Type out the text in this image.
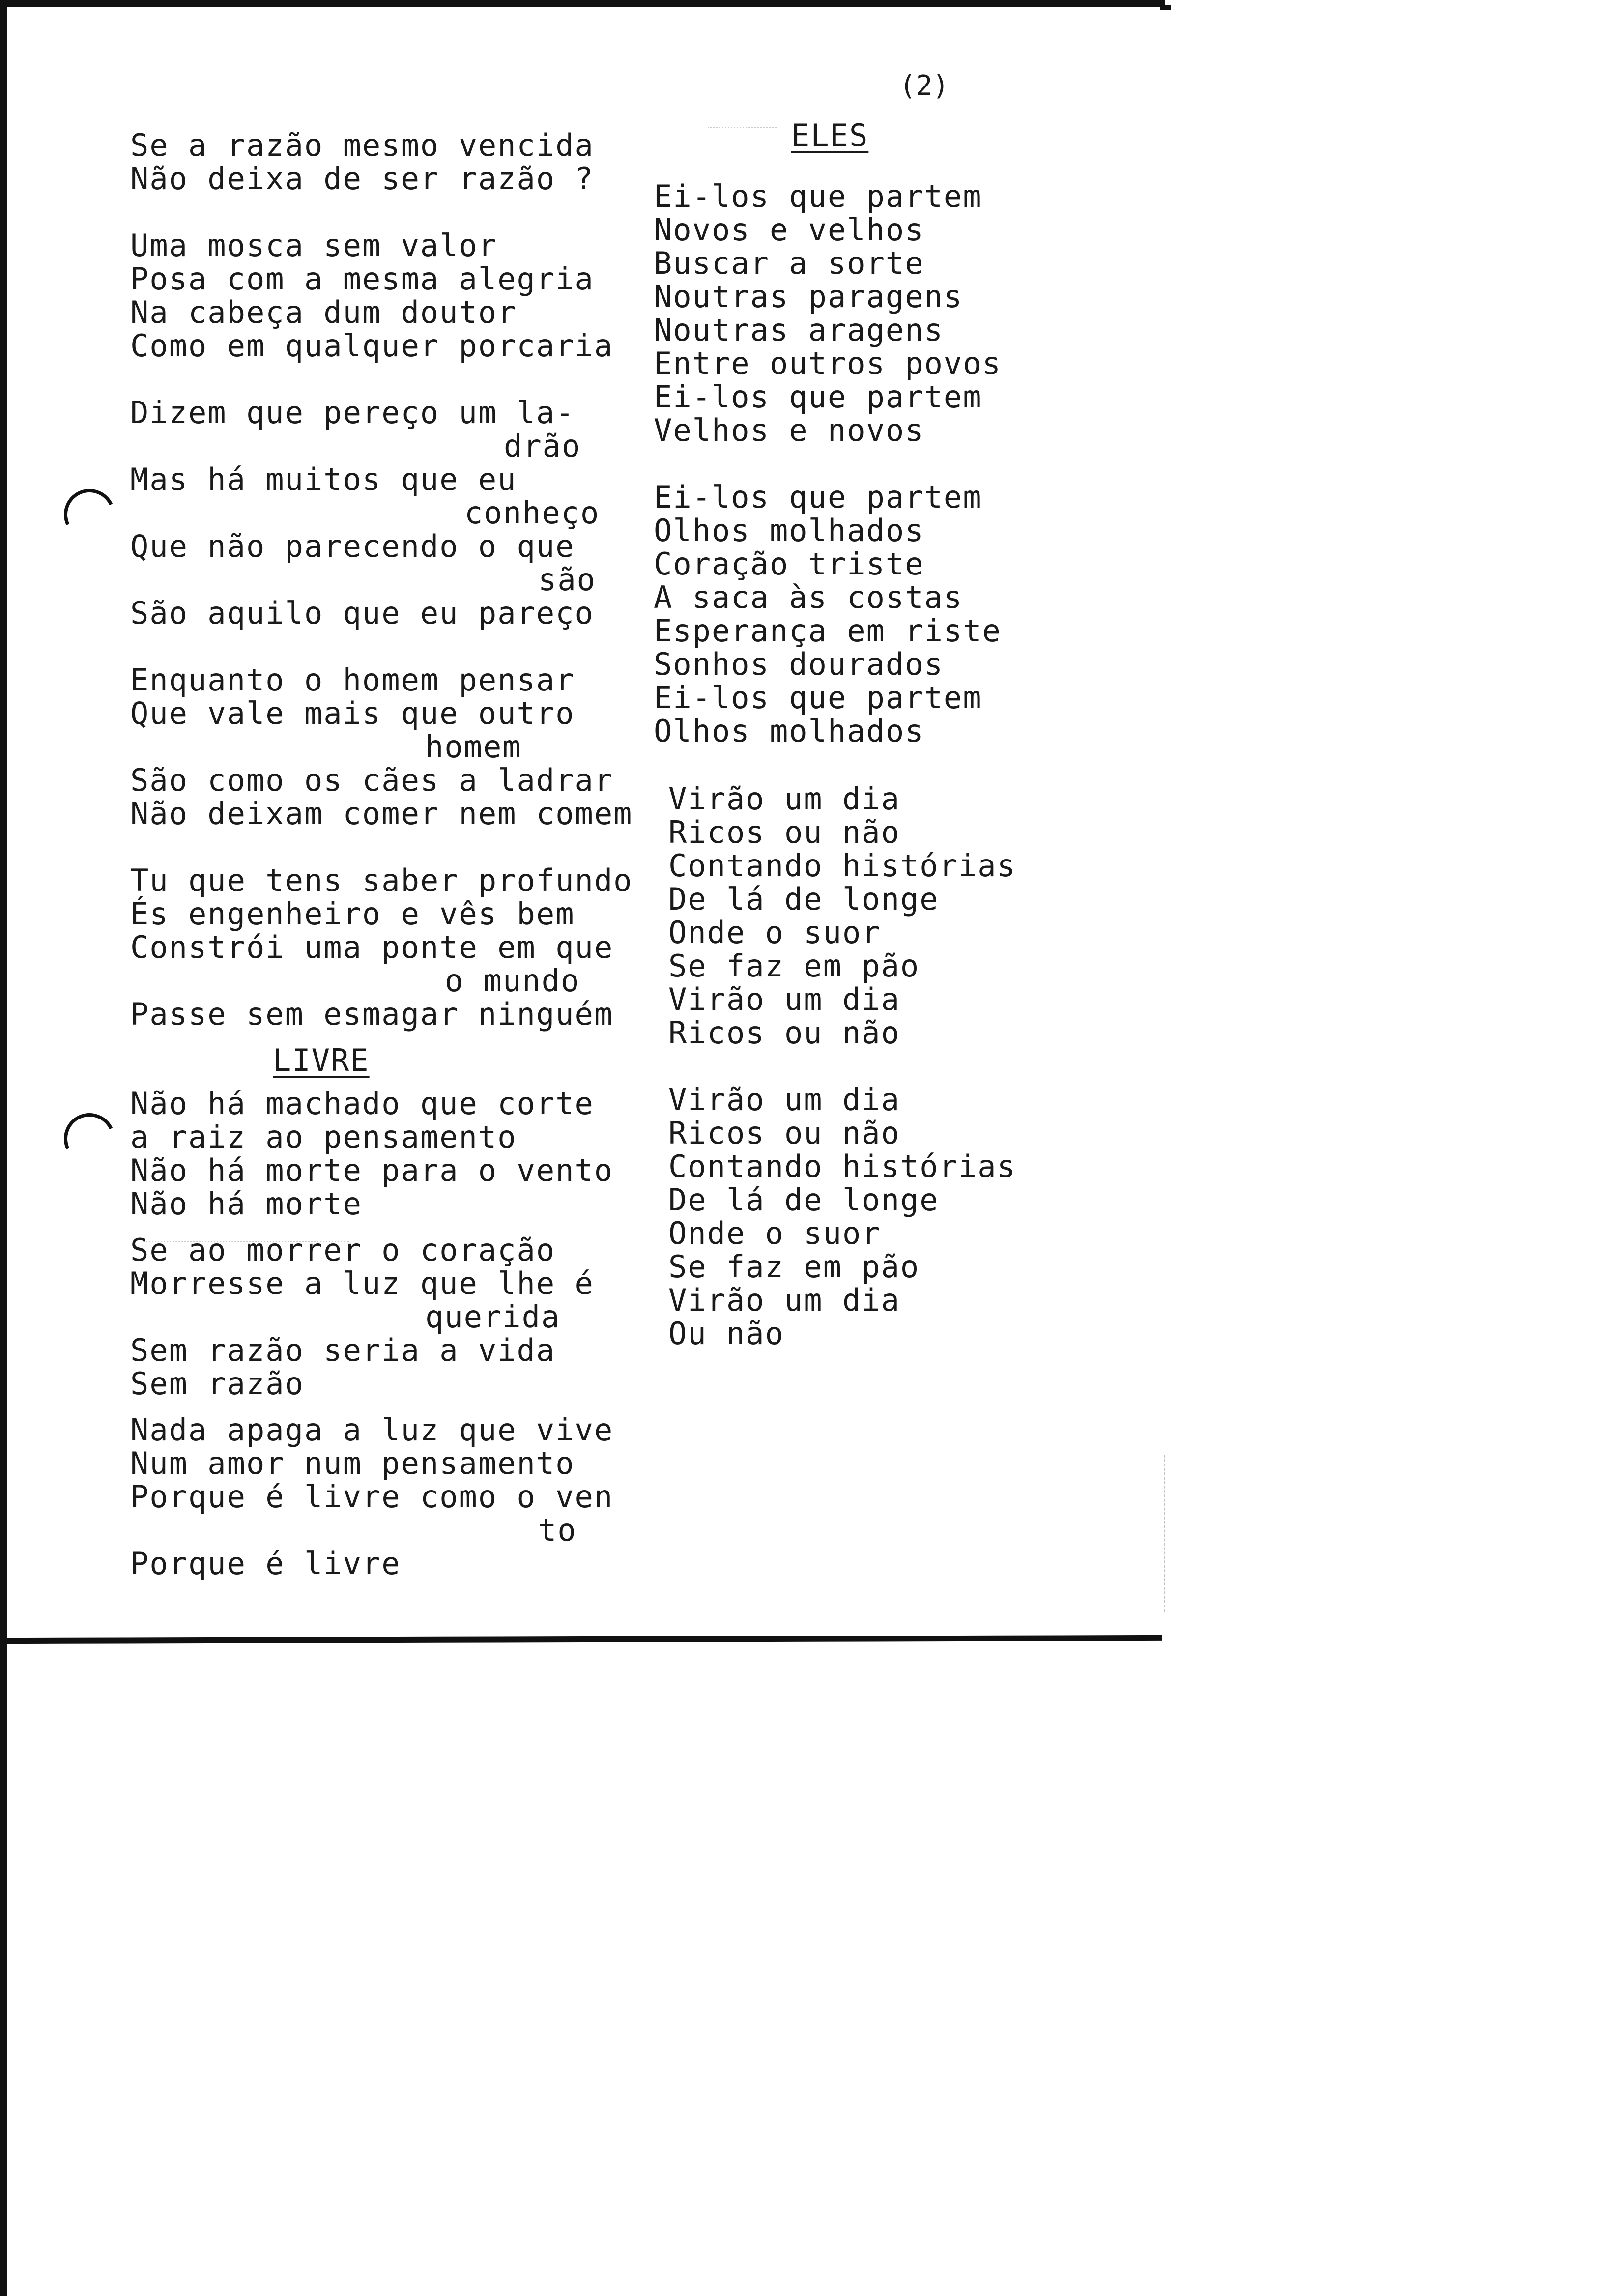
(2)
Se a razão mesmo vencida
Não deixa de ser razão ?
Uma mosca sem valor
Posa com a mesma alegria
Na cabeça dum doutor
Como em qualquer porcaria
Dizem que pereço um la-
drão
Mas há muitos que eu
conheço
Que não parecendo o que
são
São aquilo que eu pareço
Enquanto o homem pensar
Que vale mais que outro
homem
São como os cães a ladrar
Não deixam comer nem comem
Tu que tens saber profundo
És engenheiro e vês bem
Constrói uma ponte em que
o mundo
Passe sem esmagar ninguém
LIVRE
Não há machado que corte
a raiz ao pensamento
Não há morte para o vento
Não há morte
Se ao morrer o coração
Morresse a luz que lhe é
querida
Sem razão seria a vida
Sem razão
Nada apaga a luz que vive
Num amor num pensamento
Porque é livre como o ven
to
Porque é livre
ELES
Ei-los que partem
Novos e velhos
Buscar a sorte
Noutras paragens
Noutras aragens
Entre outros povos
Ei-los que partem
Velhos e novos
Ei-los que partem
Olhos molhados
Coração triste
A saca às costas
Esperança em riste
Sonhos dourados
Ei-los que partem
Olhos molhados
Virão um dia
Ricos ou não
Contando histórias
De lá de longe
Onde o suor
Se faz em pão
Virão um dia
Ricos ou não
Virão um dia
Ricos ou não
Contando histórias
De lá de longe
Onde o suor
Se faz em pão
Virão um dia
Ou não
